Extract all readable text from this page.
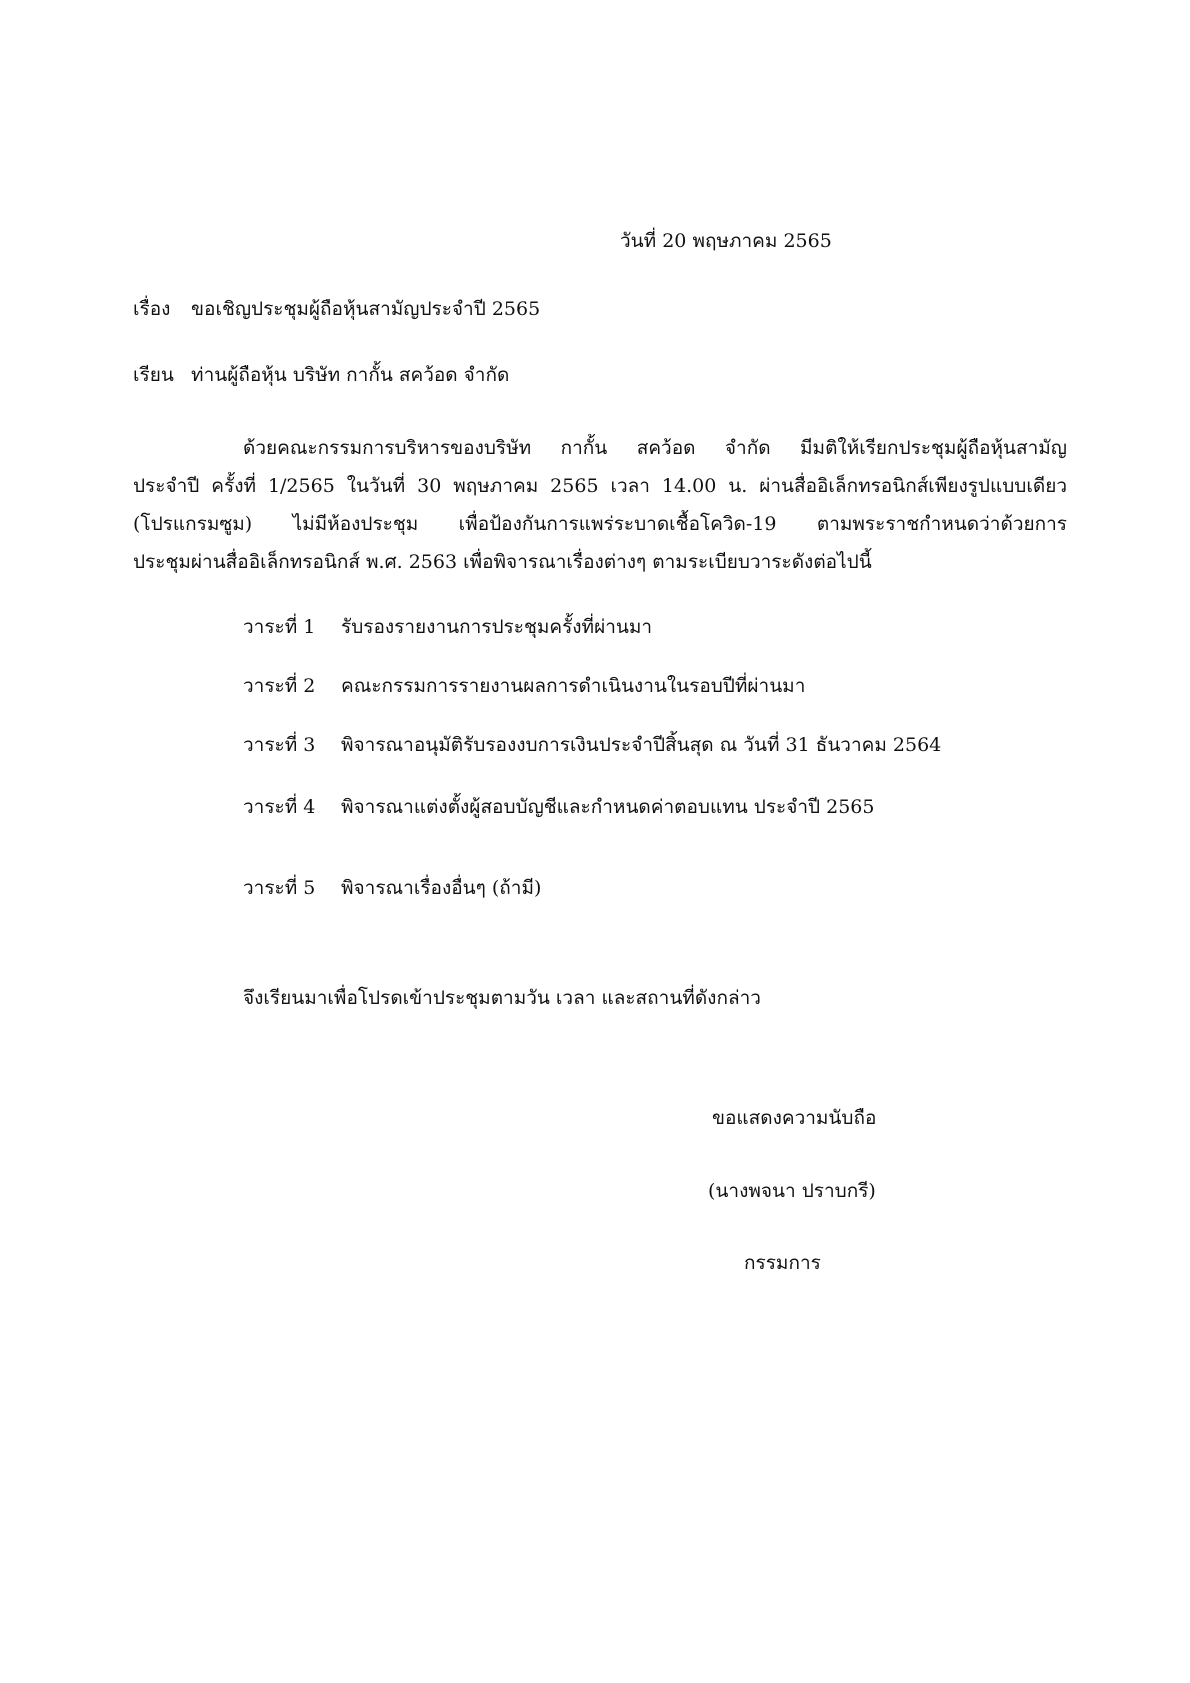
วันที่ 20 พฤษภาคม 2565
เรื่อง ขอเชิญประชุมผู้ถือหุ้นสามัญประจำปี 2565
เรียน ท่านผู้ถือหุ้น บริษัท กากั้น สคว้อด จำกัด
ด้วยคณะกรรมการบริหารของบริษัท กากั้น สคว้อด จำกัด มีมติให้เรียกประชุมผู้ถือหุ้นสามัญ
ประจำปี ครั้งที่ 1/2565 ในวันที่ 30 พฤษภาคม 2565 เวลา 14.00 น. ผ่านสื่ออิเล็กทรอนิกส์เพียงรูปแบบเดียว
(โปรแกรมซูม) ไม่มีห้องประชุม เพื่อป้องกันการแพร่ระบาดเชื้อโควิด-19 ตามพระราชกำหนดว่าด้วยการ
ประชุมผ่านสื่ออิเล็กทรอนิกส์ พ.ศ. 2563 เพื่อพิจารณาเรื่องต่างๆ ตามระเบียบวาระดังต่อไปนี้
วาระที่ 1 รับรองรายงานการประชุมครั้งที่ผ่านมา
วาระที่ 2 คณะกรรมการรายงานผลการดำเนินงานในรอบปีที่ผ่านมา
วาระที่ 3 พิจารณาอนุมัติรับรองงบการเงินประจำปีสิ้นสุด ณ วันที่ 31 ธันวาคม 2564
วาระที่ 4 พิจารณาแต่งตั้งผู้สอบบัญชีและกำหนดค่าตอบแทน ประจำปี 2565
วาระที่ 5 พิจารณาเรื่องอื่นๆ (ถ้ามี)
จึงเรียนมาเพื่อโปรดเข้าประชุมตามวัน เวลา และสถานที่ดังกล่าว
ขอแสดงความนับถือ
(นางพจนา ปราบกรี)
กรรมการ
